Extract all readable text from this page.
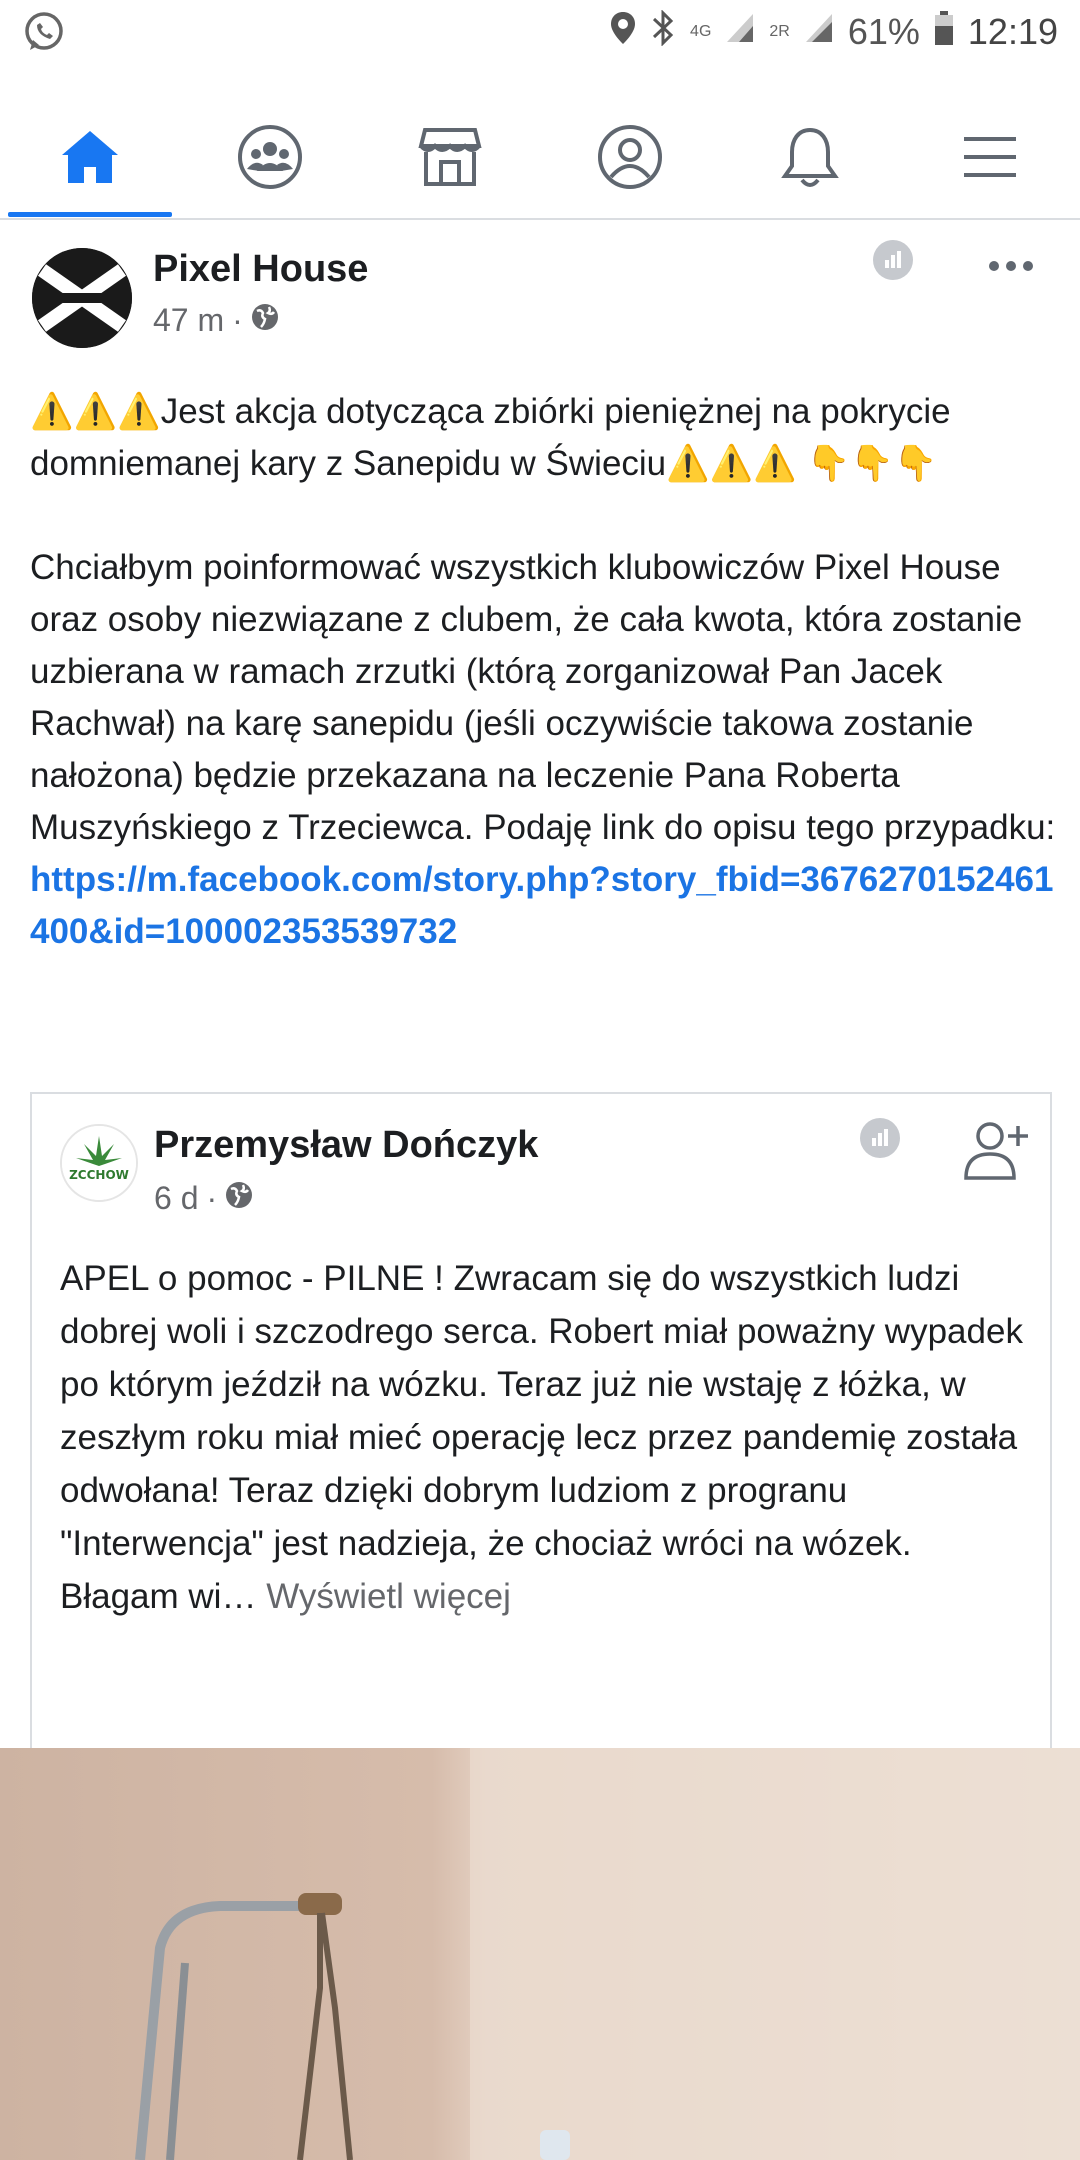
4G	2R 61% 12:19
Pixel House
47 m ·

⚠️⚠️⚠️Jest akcja dotycząca zbiórki pieniężnej na pokrycie domniemanej kary z Sanepidu w Świeciu⚠️⚠️⚠️ 👇👇👇

Chciałbym poinformować wszystkich klubowiczów Pixel House oraz osoby niezwiązane z clubem, że cała kwota, która zostanie uzbierana w ramach zrzutki (którą zorganizował Pan Jacek Rachwał) na karę sanepidu (jeśli oczywiście takowa zostanie nałożona) będzie przekazana na leczenie Pana Roberta Muszyńskiego z Trzeciewca. Podaję link do opisu tego przypadku: https://m.facebook.com/story.php?story_fbid=3676270152461400&id=100002353539732

ZCCHOW
Przemysław Dończyk
6 d ·

APEL o pomoc - PILNE ! Zwracam się do wszystkich ludzi dobrej woli i szczodrego serca. Robert miał poważny wypadek po którym jeździł na wózku. Teraz już nie wstaję z łóżka, w zeszłym roku miał mieć operację lecz przez pandemię została odwołana! Teraz dzięki dobrym ludziom z progranu "Interwencja" jest nadzieja, że chociaż wróci na wózek.

Błagam wi… Wyświetl więcej
